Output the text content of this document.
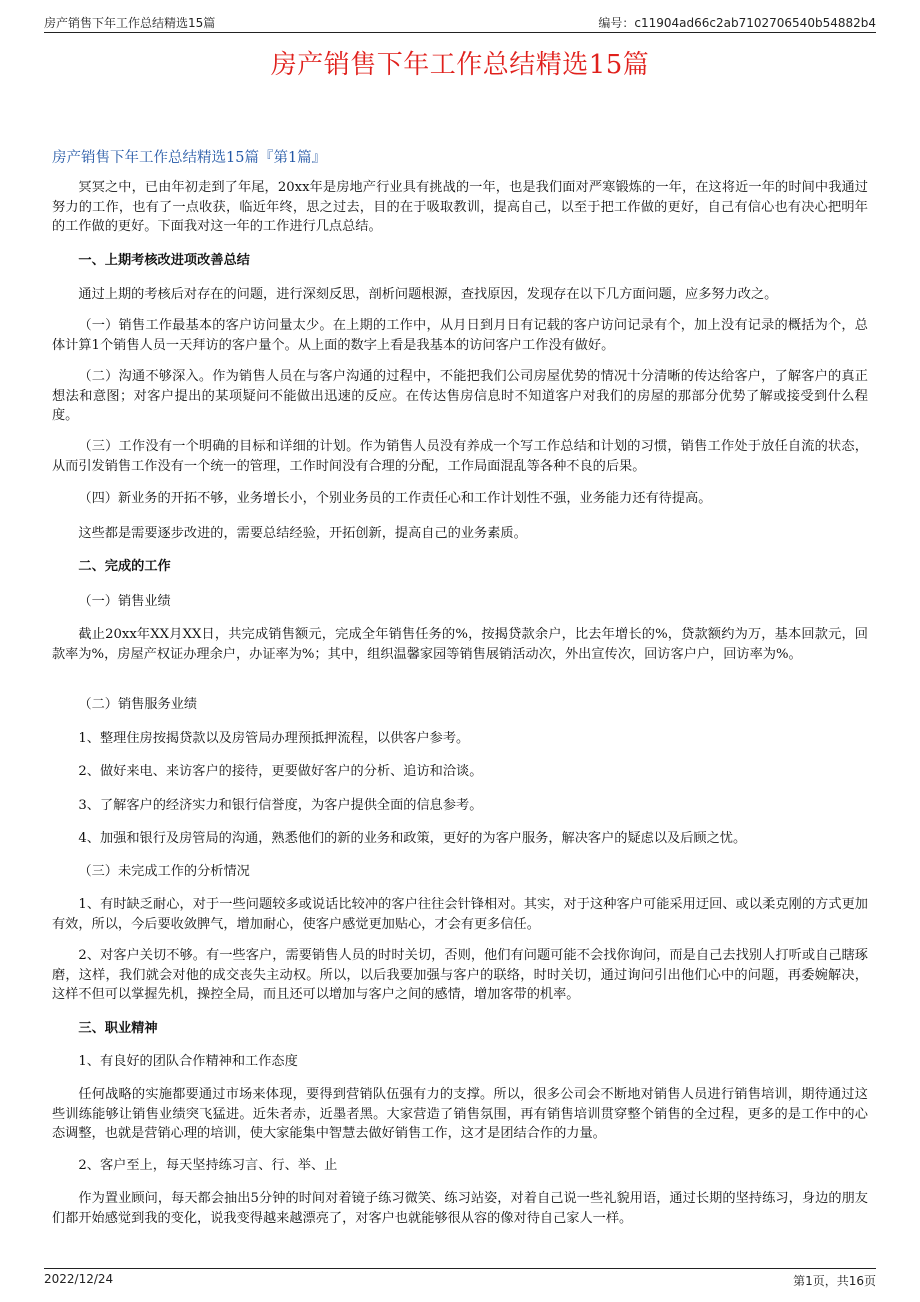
房产销售下年工作总结精选15篇	编号：c11904ad66c2ab7102706540b54882b4
房产销售下年工作总结精选15篇
房产销售下年工作总结精选15篇『第1篇』

冥冥之中，已由年初走到了年尾，20xx年是房地产行业具有挑战的一年，也是我们面对严寒锻炼的一年，在这将近一年的时间中我通过努力的工作，也有了一点收获，临近年终，思之过去，目的在于吸取教训，提高自己，以至于把工作做的更好，自己有信心也有决心把明年的工作做的更好。下面我对这一年的工作进行几点总结。

一、上期考核改进项改善总结

通过上期的考核后对存在的问题，进行深刻反思，剖析问题根源，查找原因，发现存在以下几方面问题，应多努力改之。

（一）销售工作最基本的客户访问量太少。在上期的工作中，从月日到月日有记载的客户访问记录有个，加上没有记录的概括为个，总体计算1个销售人员一天拜访的客户量个。从上面的数字上看是我基本的访问客户工作没有做好。

（二）沟通不够深入。作为销售人员在与客户沟通的过程中，不能把我们公司房屋优势的情况十分清晰的传达给客户，了解客户的真正想法和意图；对客户提出的某项疑问不能做出迅速的反应。在传达售房信息时不知道客户对我们的房屋的那部分优势了解或接受到什么程度。

（三）工作没有一个明确的目标和详细的计划。作为销售人员没有养成一个写工作总结和计划的习惯，销售工作处于放任自流的状态，从而引发销售工作没有一个统一的管理，工作时间没有合理的分配，工作局面混乱等各种不良的后果。

（四）新业务的开拓不够，业务增长小，个别业务员的工作责任心和工作计划性不强，业务能力还有待提高。

这些都是需要逐步改进的，需要总结经验，开拓创新，提高自己的业务素质。

二、完成的工作

（一）销售业绩

截止20xx年XX月XX日，共完成销售额元，完成全年销售任务的%，按揭贷款余户，比去年增长的%，贷款额约为万，基本回款元，回款率为%，房屋产权证办理余户，办证率为%；其中，组织温馨家园等销售展销活动次，外出宣传次，回访客户户，回访率为%。

（二）销售服务业绩

1、整理住房按揭贷款以及房管局办理预抵押流程，以供客户参考。

2、做好来电、来访客户的接待，更要做好客户的分析、追访和洽谈。

3、了解客户的经济实力和银行信誉度，为客户提供全面的信息参考。

4、加强和银行及房管局的沟通，熟悉他们的新的业务和政策，更好的为客户服务，解决客户的疑虑以及后顾之忧。

（三）未完成工作的分析情况

1、有时缺乏耐心，对于一些问题较多或说话比较冲的客户往往会针锋相对。其实，对于这种客户可能采用迂回、或以柔克刚的方式更加有效，所以，今后要收敛脾气，增加耐心，使客户感觉更加贴心，才会有更多信任。

2、对客户关切不够。有一些客户，需要销售人员的时时关切，否则，他们有问题可能不会找你询问，而是自己去找别人打听或自己瞎琢磨，这样，我们就会对他的成交丧失主动权。所以，以后我要加强与客户的联络，时时关切，通过询问引出他们心中的问题，再委婉解决，这样不但可以掌握先机，操控全局，而且还可以增加与客户之间的感情，增加客带的机率。

三、职业精神

1、有良好的团队合作精神和工作态度

任何战略的实施都要通过市场来体现，要得到营销队伍强有力的支撑。所以，很多公司会不断地对销售人员进行销售培训，期待通过这些训练能够让销售业绩突飞猛进。近朱者赤，近墨者黑。大家营造了销售氛围，再有销售培训贯穿整个销售的全过程，更多的是工作中的心态调整，也就是营销心理的培训，使大家能集中智慧去做好销售工作，这才是团结合作的力量。

2、客户至上，每天坚持练习言、行、举、止

作为置业顾问，每天都会抽出5分钟的时间对着镜子练习微笑、练习站姿，对着自己说一些礼貌用语，通过长期的坚持练习，身边的朋友们都开始感觉到我的变化，说我变得越来越漂亮了，对客户也就能够很从容的像对待自己家人一样。

2022/12/24	第1页，共16页
